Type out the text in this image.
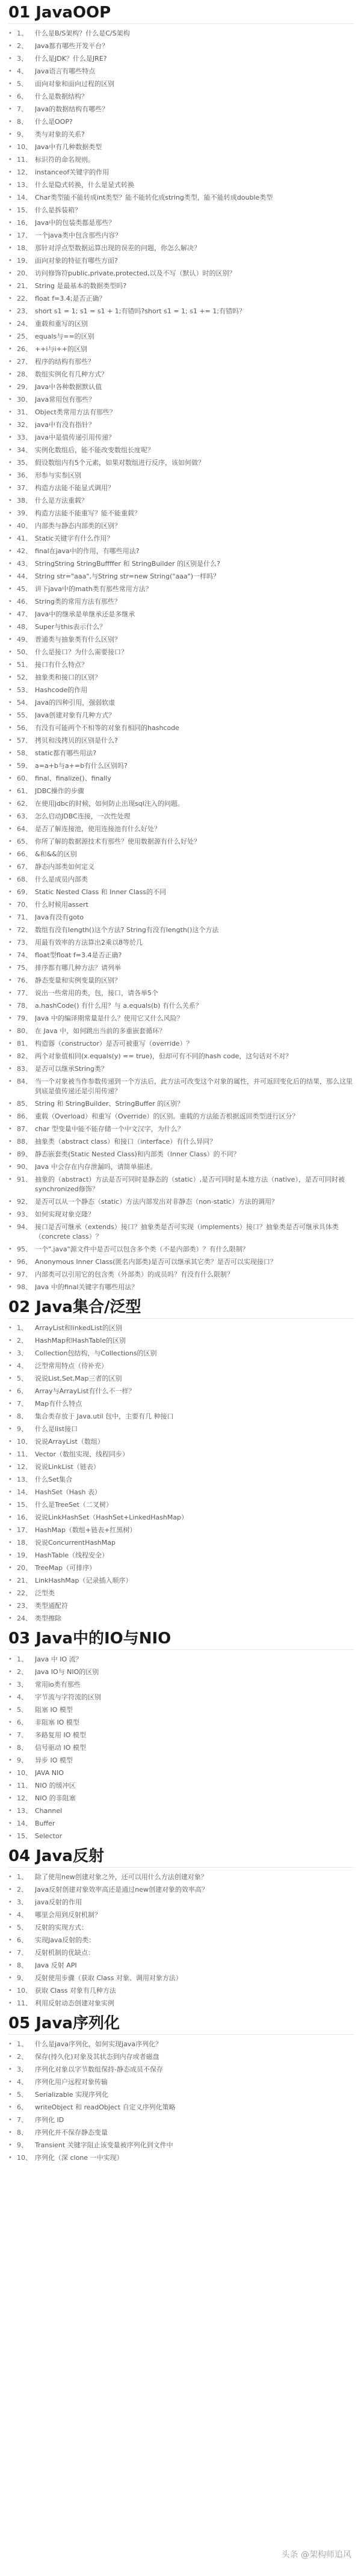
01 JavaOOP
• 1、	什么是B/S架构？什么是C/S架构
• 2、	Java都有哪些开发平台？
• 3、	什么是JDK？什么是JRE?
• 4、	Java语言有哪些特点
• 5、	面向对象和面向过程的区别
• 6、	什么是数据结构？
• 7、	Java的数据结构有哪些？
• 8、	什么是OOP?
• 9、	类与对象的关系?
• 10、 Java中有几种数据类型
• 11、 标识符的命名规则。
• 12、 instanceof关键字的作用
• 13、 什么是隐式转换，什么是显式转换
• 14、 Char类型能不能转成int类型？能不能转化成string类型，能不能转成double类型
• 15、 什么是拆装箱？
• 16、 Java中的包装类都是那些？
• 17、 一个java类中包含那些内容？
• 18、 那针对浮点型数据运算出现的误差的问题，你怎么解决？
• 19、 面向对象的特征有哪些方面?
• 20、 访问修饰符public,private,protected,以及不写（默认）时的区别？
• 21、 String 是最基本的数据类型吗?
• 22、 float f=3.4;是否正确？
• 23、 short s1 = 1; s1 = s1 + 1;有错吗?short s1 = 1; s1 += 1;有错吗？
• 24、 重载和重写的区别
• 25、 equals与==的区别
• 26、 ++i与i++的区别
• 27、 程序的结构有那些？
• 28、 数组实例化有几种方式？
• 29、 Java中各种数据默认值
• 30、 Java常用包有那些？
• 31、 Object类常用方法有那些？
• 32、 java中有没有指针？
• 33、 java中是值传递引用传递？
• 34、 实例化数组后，能不能改变数组长度呢？
• 35、 假设数组内有5个元素，如果对数组进行反序，该如何做？
• 36、 形参与实参区别
• 37、 构造方法能不能显式调用？
• 38、 什么是方法重载？
• 39、 构造方法能不能重写？能不能重载？
• 40、 内部类与静态内部类的区别？
• 41、 Static关键字有什么作用？
• 42、 final在java中的作用，有哪些用法?
• 43、 StringString StringBuffffer 和 StringBuilder 的区别是什么?
• 44、 String str="aaa",与String str=new String("aaa")一样吗？
• 45、 讲下java中的math类有那些常用方法？
• 46、 String类的常用方法有那些？
• 47、 Java中的继承是单继承还是多继承
• 48、 Super与this表示什么？
• 49、 普通类与抽象类有什么区别？
• 50、 什么是接口？为什么需要接口？
• 51、 接口有什么特点？
• 52、 抽象类和接口的区别？
• 53、 Hashcode的作用
• 54、 Java的四种引用，强弱软虚
• 55、 Java创建对象有几种方式？
• 56、 有没有可能两个不相等的对象有相同的hashcode
• 57、 拷贝和浅拷贝的区别是什么?
• 58、 static都有哪些用法?
• 59、 a=a+b与a+=b有什么区别吗?
• 60、 final、finalize()、finally
• 61、 JDBC操作的步骤
• 62、 在使用jdbc的时候，如何防止出现sql注入的问题。
• 63、 怎么启动JDBC连接，一次性处理
• 64、 是否了解连接池，使用连接池有什么好处？
• 65、 你所了解的数据源技术有那些？使用数据源有什么好处？
• 66、 &和&&的区别
• 67、 静态内部类如何定义
• 68、 什么是成员内部类
• 69、 Static Nested Class 和 Inner Class的不同
• 70、 什么时候用assert
• 71、 Java有没有goto
• 72、 数组有没有length()这个方法? String有没有length()这个方法
• 73、 用最有效率的方法算出2乘以8等於几
• 74、 float型float f=3.4是否正确?
• 75、 排序都有哪几种方法？请列举
• 76、 静态变量和实例变量的区别？
• 77、 说出一些常用的类，包，接口，请各举5个
• 78、 a.hashCode() 有什么用？与 a.equals(b) 有什么关系？
• 79、 Java 中的编译期常量是什么？使用它又什么风险？
• 80、 在 Java 中，如何跳出当前的多重嵌套循环？
• 81、 构造器（constructor）是否可被重写（override）？
• 82、 两个对象值相同(x.equals(y) == true)，但却可有不同的hash code，这句话对不对？
• 83、 是否可以继承String类？
• 84、 当一个对象被当作参数传递到一个方法后，此方法可改变这个对象的属性，并可返回变化后的结果，那么这里到底是值传递还是引用传递？
• 85、 String 和 StringBuilder、StringBuffer 的区别？
• 86、 重载（Overload）和重写（Override）的区别。重载的方法能否根据返回类型进行区分？
• 87、 char 型变量中能不能存储一个中文汉字，为什么？
• 88、 抽象类（abstract class）和接口（interface）有什么异同？
• 89、 静态嵌套类(Static Nested Class)和内部类（Inner Class）的不同？
• 90、 Java 中会存在内存泄漏吗，请简单描述。
• 91、 抽象的（abstract）方法是否可同时是静态的（static）,是否可同时是本地方法（native），是否可同时被synchronized修饰？
• 92、 是否可以从一个静态（static）方法内部发出对非静态（non-static）方法的调用？
• 93、 如何实现对象克隆？
• 94、 接口是否可继承（extends）接口？抽象类是否可实现（implements）接口？抽象类是否可继承具体类（concrete class）？
• 95、 一个".java"源文件中是否可以包含多个类（不是内部类）？有什么限制？
• 96、 Anonymous Inner Class(匿名内部类)是否可以继承其它类？是否可以实现接口？
• 97、 内部类可以引用它的包含类（外部类）的成员吗？有没有什么限制？
• 98、 Java 中的final关键字有哪些用法？
02 Java集合/泛型
• 1、	ArrayList和linkedList的区别
• 2、	HashMap和HashTable的区别
• 3、	Collection包结构，与Collections的区别
• 4、	泛型常用特点（待补充）
• 5、	说说List,Set,Map三者的区别
• 6、	Array与ArrayList有什么不一样？
• 7、	Map有什么特点
• 8、	集合类存放于 Java.util 包中，主要有几 种接口
• 9、	什么是list接口
• 10、 说说ArrayList（数组）
• 11、 Vector（数组实现、线程同步）
• 12、 说说LinkList（链表）
• 13、 什么Set集合
• 14、 HashSet（Hash 表）
• 15、 什么是TreeSet（二叉树）
• 16、 说说LinkHashSet（HashSet+LinkedHashMap）
• 17、 HashMap（数组+链表+红黑树）
• 18、 说说ConcurrentHashMap
• 19、 HashTable（线程安全）
• 20、 TreeMap（可排序）
• 21、 LinkHashMap（记录插入顺序）
• 22、 泛型类
• 23、 类型通配符
• 24、 类型擦除
03 Java中的IO与NIO
• 1、	Java 中 IO 流？
• 2、	Java IO与 NIO的区别
• 3、	常用io类有那些
• 4、	字节流与字符流的区别
• 5、	阻塞 IO 模型
• 6、	非阻塞 IO 模型
• 7、	多路复用 IO 模型
• 8、	信号驱动 IO 模型
• 9、	异步 IO 模型
• 10、 JAVA NIO
• 11、 NIO 的缓冲区
• 12、 NIO 的非阻塞
• 13、 Channel
• 14、 Buffer
• 15、 Selector
04 Java反射
• 1、	除了使用new创建对象之外，还可以用什么方法创建对象？
• 2、	Java反射创建对象效率高还是通过new创建对象的效率高？
• 3、	java反射的作用
• 4、	哪里会用到反射机制？
• 5、	反射的实现方式：
• 6、	实现Java反射的类：
• 7、	反射机制的优缺点：
• 8、	Java 反射 API
• 9、	反射使用步骤（获取 Class 对象、调用对象方法）
• 10、 获取 Class 对象有几种方法
• 11、 利用反射动态创建对象实例
05 Java序列化
• 1、	什么是java序列化，如何实现java序列化？
• 2、	保存(持久化)对象及其状态到内存或者磁盘
• 3、	序列化对象以字节数组保持-静态成员不保存
• 4、	序列化用户远程对象传输
• 5、	Serializable 实现序列化
• 6、	writeObject 和 readObject 自定义序列化策略
• 7、	序列化 ID
• 8、	序列化并不保存静态变量
• 9、	Transient 关键字阻止该变量被序列化到文件中
• 10、 序列化（深 clone 一中实现）
头条 @架构师追风
